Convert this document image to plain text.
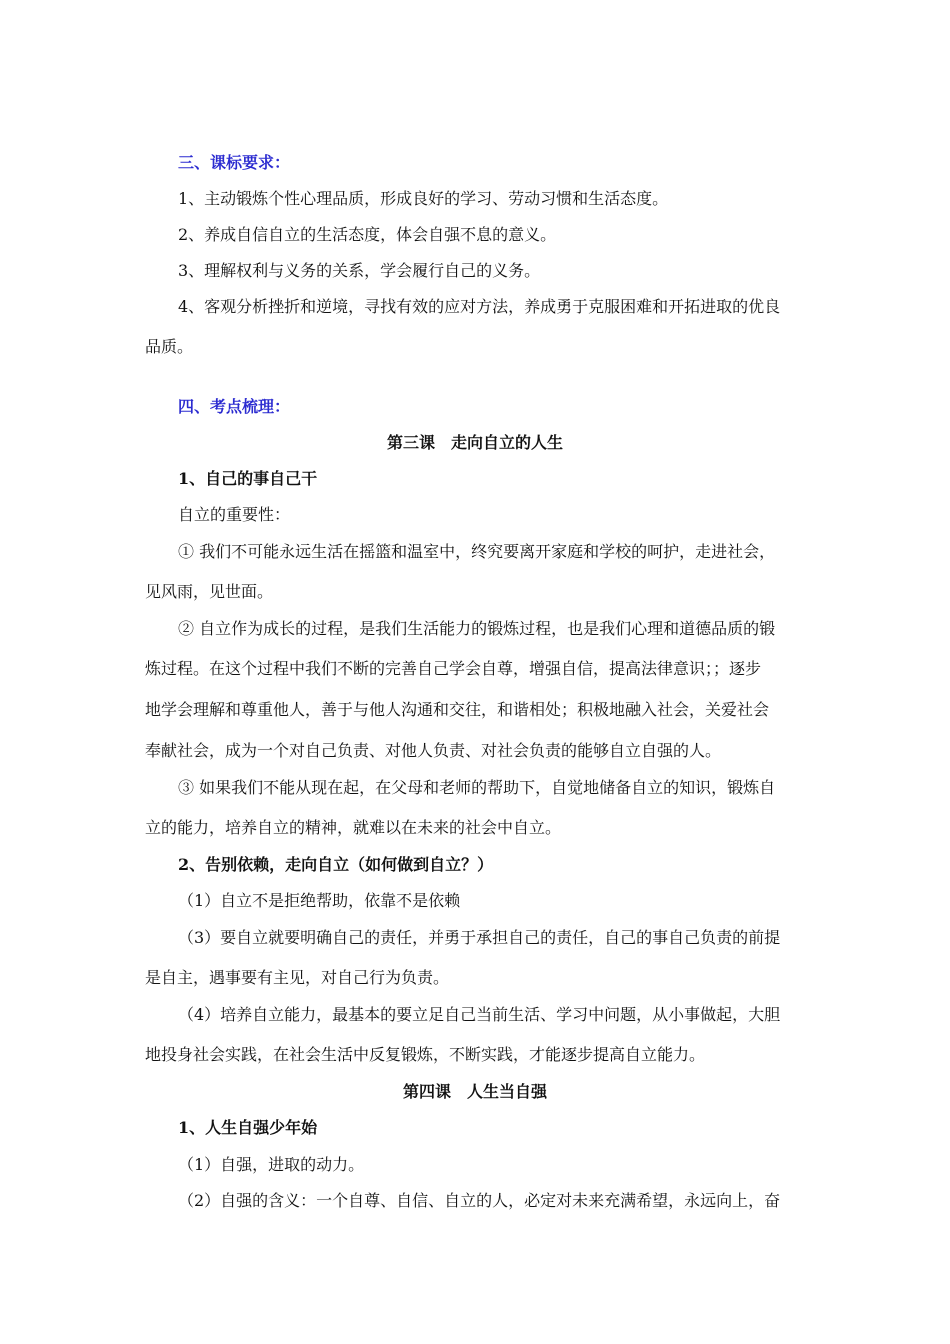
三、课标要求：
1、主动锻炼个性心理品质，形成良好的学习、劳动习惯和生活态度。
2、养成自信自立的生活态度，体会自强不息的意义。
3、理解权利与义务的关系，学会履行自己的义务。
4、客观分析挫折和逆境，寻找有效的应对方法，养成勇于克服困难和开拓进取的优良
品质。
四、考点梳理：
第三课　走向自立的人生
1、自己的事自己干
自立的重要性：
① 我们不可能永远生活在摇篮和温室中，终究要离开家庭和学校的呵护，走进社会，
见风雨，见世面。
② 自立作为成长的过程，是我们生活能力的锻炼过程，也是我们心理和道德品质的锻
炼过程。在这个过程中我们不断的完善自己学会自尊，增强自信，提高法律意识；；逐步
地学会理解和尊重他人，善于与他人沟通和交往，和谐相处；积极地融入社会，关爱社会
奉献社会，成为一个对自己负责、对他人负责、对社会负责的能够自立自强的人。
③ 如果我们不能从现在起，在父母和老师的帮助下，自觉地储备自立的知识，锻炼自
立的能力，培养自立的精神，就难以在未来的社会中自立。
2、告别依赖，走向自立（如何做到自立？）
（1）自立不是拒绝帮助，依靠不是依赖
（3）要自立就要明确自己的责任，并勇于承担自己的责任，自己的事自己负责的前提
是自主，遇事要有主见，对自己行为负责。
（4）培养自立能力，最基本的要立足自己当前生活、学习中问题，从小事做起，大胆
地投身社会实践，在社会生活中反复锻炼，不断实践，才能逐步提高自立能力。
第四课　人生当自强
1、人生自强少年始
（1）自强，进取的动力。
（2）自强的含义：一个自尊、自信、自立的人，必定对未来充满希望，永远向上，奋
